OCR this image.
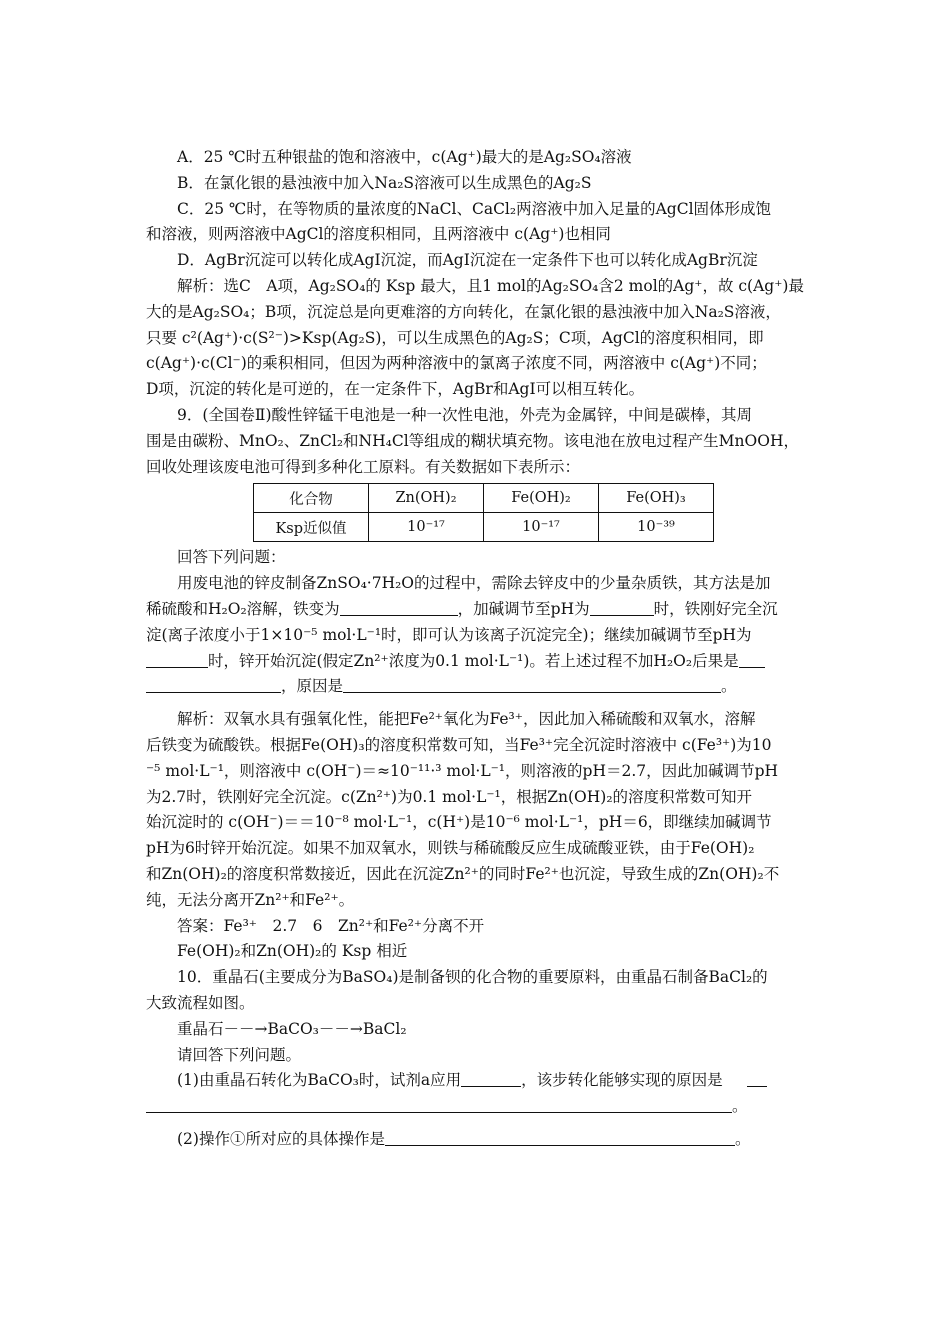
A．25 ℃时五种银盐的饱和溶液中，c(Ag⁺)最大的是Ag₂SO₄溶液
B．在氯化银的悬浊液中加入Na₂S溶液可以生成黑色的Ag₂S
C．25 ℃时，在等物质的量浓度的NaCl、CaCl₂两溶液中加入足量的AgCl固体形成饱
和溶液，则两溶液中AgCl的溶度积相同，且两溶液中 c(Ag⁺)也相同
D．AgBr沉淀可以转化成AgI沉淀，而AgI沉淀在一定条件下也可以转化成AgBr沉淀
解析：选C　A项，Ag₂SO₄的 Ksp 最大，且1 mol的Ag₂SO₄含2 mol的Ag⁺，故 c(Ag⁺)最
大的是Ag₂SO₄；B项，沉淀总是向更难溶的方向转化，在氯化银的悬浊液中加入Na₂S溶液，
只要 c²(Ag⁺)·c(S²⁻)>Ksp(Ag₂S)，可以生成黑色的Ag₂S；C项，AgCl的溶度积相同，即
c(Ag⁺)·c(Cl⁻)的乘积相同，但因为两种溶液中的氯离子浓度不同，两溶液中 c(Ag⁺)不同；
D项，沉淀的转化是可逆的，在一定条件下，AgBr和AgI可以相互转化。
9．(全国卷Ⅱ)酸性锌锰干电池是一种一次性电池，外壳为金属锌，中间是碳棒，其周
围是由碳粉、MnO₂、ZnCl₂和NH₄Cl等组成的糊状填充物。该电池在放电过程产生MnOOH，
回收处理该废电池可得到多种化工原料。有关数据如下表所示：
化合物	Zn(OH)₂	Fe(OH)₂	Fe(OH)₃
Ksp近似值	10⁻¹⁷	10⁻¹⁷	10⁻³⁹
回答下列问题：
用废电池的锌皮制备ZnSO₄·7H₂O的过程中，需除去锌皮中的少量杂质铁，其方法是加
稀硫酸和H₂O₂溶解，铁变为	，加碱调节至pH为	时，铁刚好完全沉
淀(离子浓度小于1×10⁻⁵ mol·L⁻¹时，即可认为该离子沉淀完全)；继续加碱调节至pH为
时，锌开始沉淀(假定Zn²⁺浓度为0.1 mol·L⁻¹)。若上述过程不加H₂O₂后果是
，原因是	。
解析：双氧水具有强氧化性，能把Fe²⁺氧化为Fe³⁺，因此加入稀硫酸和双氧水，溶解
后铁变为硫酸铁。根据Fe(OH)₃的溶度积常数可知，当Fe³⁺完全沉淀时溶液中 c(Fe³⁺)为10
⁻⁵ mol·L⁻¹，则溶液中 c(OH⁻)＝≈10⁻¹¹·³ mol·L⁻¹，则溶液的pH＝2.7，因此加碱调节pH
为2.7时，铁刚好完全沉淀。c(Zn²⁺)为0.1 mol·L⁻¹，根据Zn(OH)₂的溶度积常数可知开
始沉淀时的 c(OH⁻)＝＝10⁻⁸ mol·L⁻¹，c(H⁺)是10⁻⁶ mol·L⁻¹，pH＝6，即继续加碱调节
pH为6时锌开始沉淀。如果不加双氧水，则铁与稀硫酸反应生成硫酸亚铁，由于Fe(OH)₂
和Zn(OH)₂的溶度积常数接近，因此在沉淀Zn²⁺的同时Fe²⁺也沉淀，导致生成的Zn(OH)₂不
纯，无法分离开Zn²⁺和Fe²⁺。
答案：Fe³⁺　2.7　6　Zn²⁺和Fe²⁺分离不开
Fe(OH)₂和Zn(OH)₂的 Ksp 相近
10．重晶石(主要成分为BaSO₄)是制备钡的化合物的重要原料，由重晶石制备BaCl₂的
大致流程如图。
重晶石－－→BaCO₃－－→BaCl₂
请回答下列问题。
(1)由重晶石转化为BaCO₃时，试剂a应用	，该步转化能够实现的原因是
。
(2)操作①所对应的具体操作是	。
